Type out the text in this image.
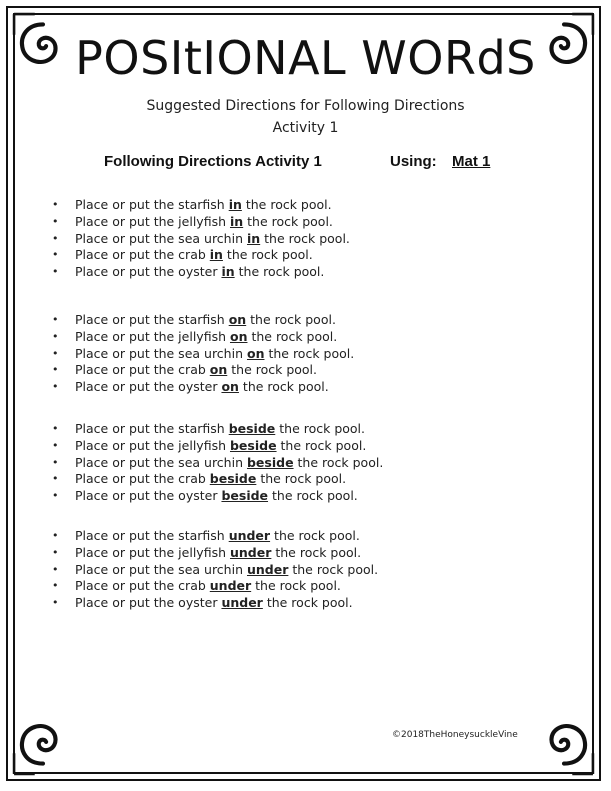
POSItIONAL WORdS
Suggested Directions for Following Directions
Activity 1
Following Directions Activity 1	Using: Mat 1
• Place or put the starfish in the rock pool.
• Place or put the jellyfish in the rock pool.
• Place or put the sea urchin in the rock pool.
• Place or put the crab in the rock pool.
• Place or put the oyster in the rock pool.
• Place or put the starfish on the rock pool.
• Place or put the jellyfish on the rock pool.
• Place or put the sea urchin on the rock pool.
• Place or put the crab on the rock pool.
• Place or put the oyster on the rock pool.
• Place or put the starfish beside the rock pool.
• Place or put the jellyfish beside the rock pool.
• Place or put the sea urchin beside the rock pool.
• Place or put the crab beside the rock pool.
• Place or put the oyster beside the rock pool.
• Place or put the starfish under the rock pool.
• Place or put the jellyfish under the rock pool.
• Place or put the sea urchin under the rock pool.
• Place or put the crab under the rock pool.
• Place or put the oyster under the rock pool.
©2018TheHoneysuckleVine
